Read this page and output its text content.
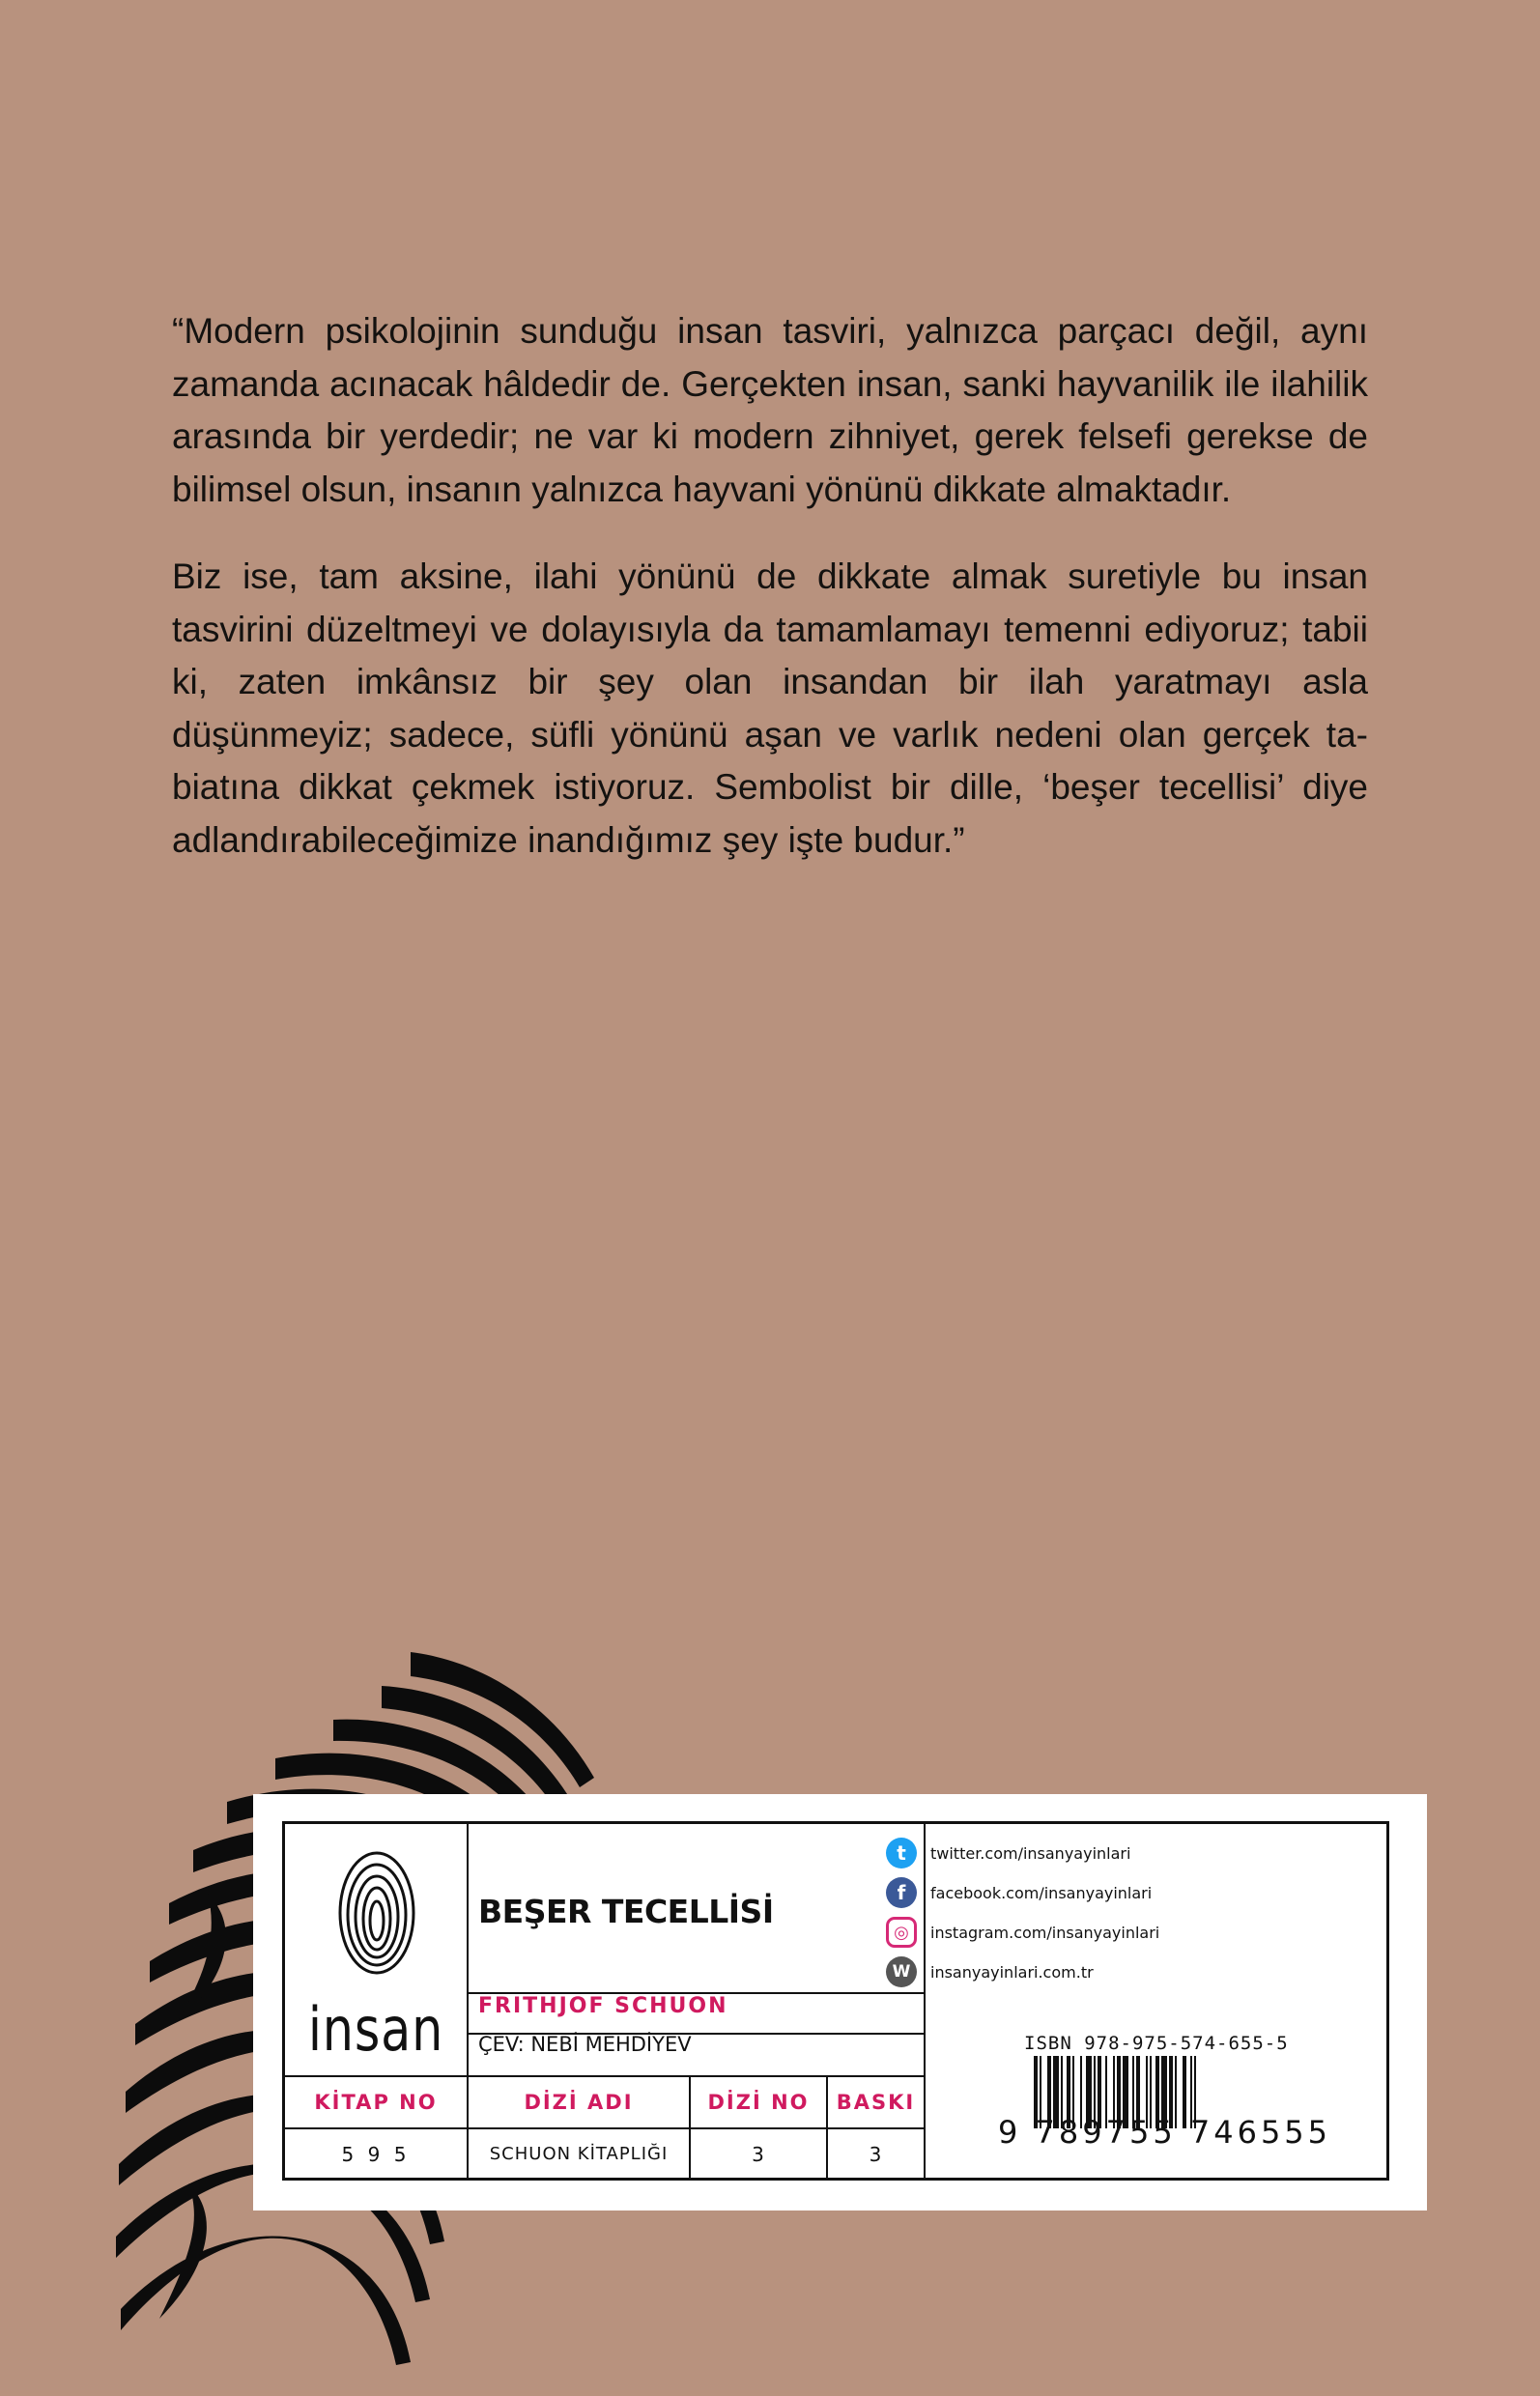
“Modern psikolojinin sunduğu insan tasviri, yalnızca parçacı değil, aynı zamanda acınacak hâldedir de. Gerçekten insan, sanki hayvanilik ile ilahilik arasında bir yerdedir; ne var ki modern zihniyet, gerek felsefi gerekse de bilimsel olsun, insanın yalnızca hayvani yönünü dikkate almaktadır.

Biz ise, tam aksine, ilahi yönünü de dikkate almak suretiyle bu insan tasvirini düzeltmeyi ve dolayısıyla da tamamlamayı temenni ediyoruz; tabii ki, zaten imkânsız bir şey olan insandan bir ilah yaratmayı asla düşünmeyiz; sadece, süfli yönünü aşan ve varlık nedeni olan gerçek tabiatına dikkat çekmek istiyoruz. Sembolist bir dille, ‘beşer tecellisi’ diye adlandırabileceğimize inandığımız şey işte budur.”

insan
BEŞER TECELLİSİ
FRITHJOF SCHUON
ÇEV: NEBİ MEHDİYEV
KİTAP NO	DİZİ ADI	DİZİ NO	BASKI
5 9 5	SCHUON KİTAPLIĞI	3	3
t	twitter.com/insanyayinlari
f	facebook.com/insanyayinlari
◎	instagram.com/insanyayinlari
W	insanyayinlari.com.tr
ISBN 978-975-574-655-5
9 789755 746555
